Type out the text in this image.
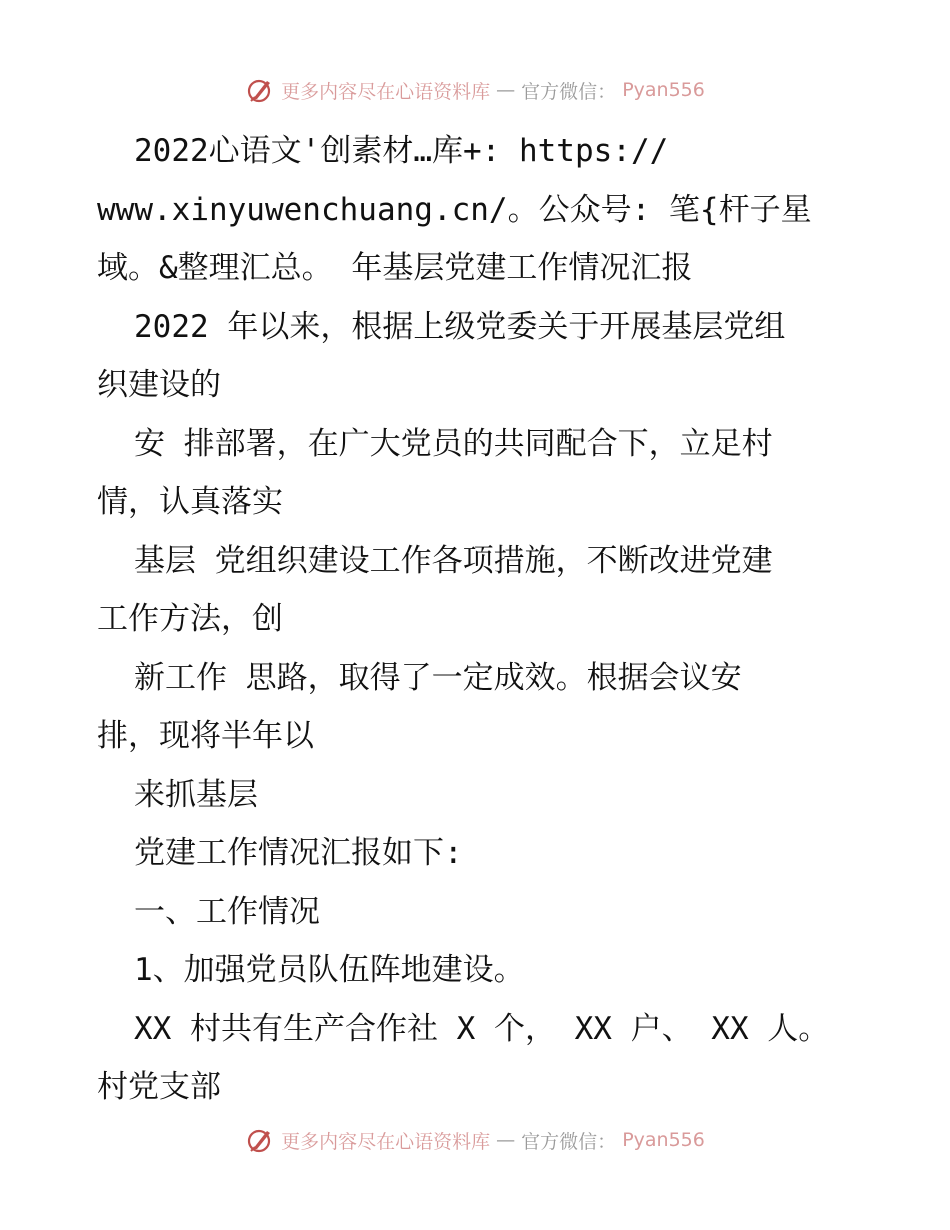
更多内容尽在心语资料库 — 官方微信： Pyan556
2022心语文'创素材…库+: https://
www.xinyuwenchuang.cn/。公众号: 笔{杆子星
域。&整理汇总。 年基层党建工作情况汇报
2022 年以来，根据上级党委关于开展基层党组
织建设的
安 排部署，在广大党员的共同配合下，立足村
情，认真落实
基层 党组织建设工作各项措施，不断改进党建
工作方法，创
新工作 思路，取得了一定成效。根据会议安
排，现将半年以
来抓基层
党建工作情况汇报如下:
一、工作情况
1、加强党员队伍阵地建设。
XX 村共有生产合作社 X 个， XX 户、 XX 人。
村党支部
更多内容尽在心语资料库 — 官方微信： Pyan556
